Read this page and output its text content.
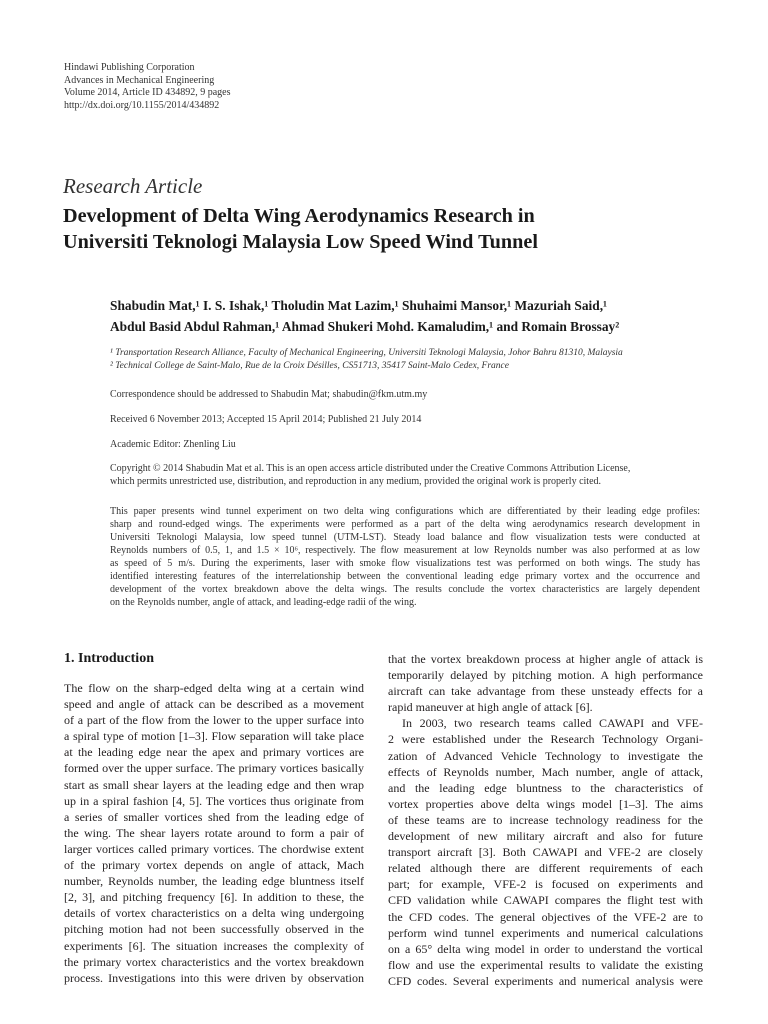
Hindawi Publishing Corporation
Advances in Mechanical Engineering
Volume 2014, Article ID 434892, 9 pages
http://dx.doi.org/10.1155/2014/434892
Research Article
Development of Delta Wing Aerodynamics Research in
Universiti Teknologi Malaysia Low Speed Wind Tunnel
Shabudin Mat,¹ I. S. Ishak,¹ Tholudin Mat Lazim,¹ Shuhaimi Mansor,¹ Mazuriah Said,¹
Abdul Basid Abdul Rahman,¹ Ahmad Shukeri Mohd. Kamaludim,¹ and Romain Brossay²
¹ Transportation Research Alliance, Faculty of Mechanical Engineering, Universiti Teknologi Malaysia, Johor Bahru 81310, Malaysia
² Technical College de Saint-Malo, Rue de la Croix Désilles, CS51713, 35417 Saint-Malo Cedex, France
Correspondence should be addressed to Shabudin Mat; shabudin@fkm.utm.my
Received 6 November 2013; Accepted 15 April 2014; Published 21 July 2014
Academic Editor: Zhenling Liu
Copyright © 2014 Shabudin Mat et al. This is an open access article distributed under the Creative Commons Attribution License,
which permits unrestricted use, distribution, and reproduction in any medium, provided the original work is properly cited.
This paper presents wind tunnel experiment on two delta wing configurations which are differentiated by their leading edge profiles:
sharp and round-edged wings. The experiments were performed as a part of the delta wing aerodynamics research development in
Universiti Teknologi Malaysia, low speed tunnel (UTM-LST). Steady load balance and flow visualization tests were conducted at
Reynolds numbers of 0.5, 1, and 1.5 × 10⁶, respectively. The flow measurement at low Reynolds number was also performed at as low
as speed of 5 m/s. During the experiments, laser with smoke flow visualizations test was performed on both wings. The study has
identified interesting features of the interrelationship between the conventional leading edge primary vortex and the occurrence and
development of the vortex breakdown above the delta wings. The results conclude the vortex characteristics are largely dependent
on the Reynolds number, angle of attack, and leading-edge radii of the wing.
1. Introduction
The flow on the sharp-edged delta wing at a certain wind
speed and angle of attack can be described as a movement
of a part of the flow from the lower to the upper surface into
a spiral type of motion [1–3]. Flow separation will take place
at the leading edge near the apex and primary vortices are
formed over the upper surface. The primary vortices basically
start as small shear layers at the leading edge and then wrap
up in a spiral fashion [4, 5]. The vortices thus originate from
a series of smaller vortices shed from the leading edge of
the wing. The shear layers rotate around to form a pair of
larger vortices called primary vortices. The chordwise extent
of the primary vortex depends on angle of attack, Mach
number, Reynolds number, the leading edge bluntness itself
[2, 3], and pitching frequency [6]. In addition to these, the
details of vortex characteristics on a delta wing undergoing
pitching motion had not been successfully observed in the
experiments [6]. The situation increases the complexity of
the primary vortex characteristics and the vortex breakdown
process. Investigations into this were driven by observation
that the vortex breakdown process at higher angle of attack is
temporarily delayed by pitching motion. A high performance
aircraft can take advantage from these unsteady effects for a
rapid maneuver at high angle of attack [6].
In 2003, two research teams called CAWAPI and VFE-
2 were established under the Research Technology Organi-
zation of Advanced Vehicle Technology to investigate the
effects of Reynolds number, Mach number, angle of attack,
and the leading edge bluntness to the characteristics of
vortex properties above delta wings model [1–3]. The aims
of these teams are to increase technology readiness for the
development of new military aircraft and also for future
transport aircraft [3]. Both CAWAPI and VFE-2 are closely
related although there are different requirements of each
part; for example, VFE-2 is focused on experiments and
CFD validation while CAWAPI compares the flight test with
the CFD codes. The general objectives of the VFE-2 are to
perform wind tunnel experiments and numerical calculations
on a 65° delta wing model in order to understand the vortical
flow and use the experimental results to validate the existing
CFD codes. Several experiments and numerical analysis were
